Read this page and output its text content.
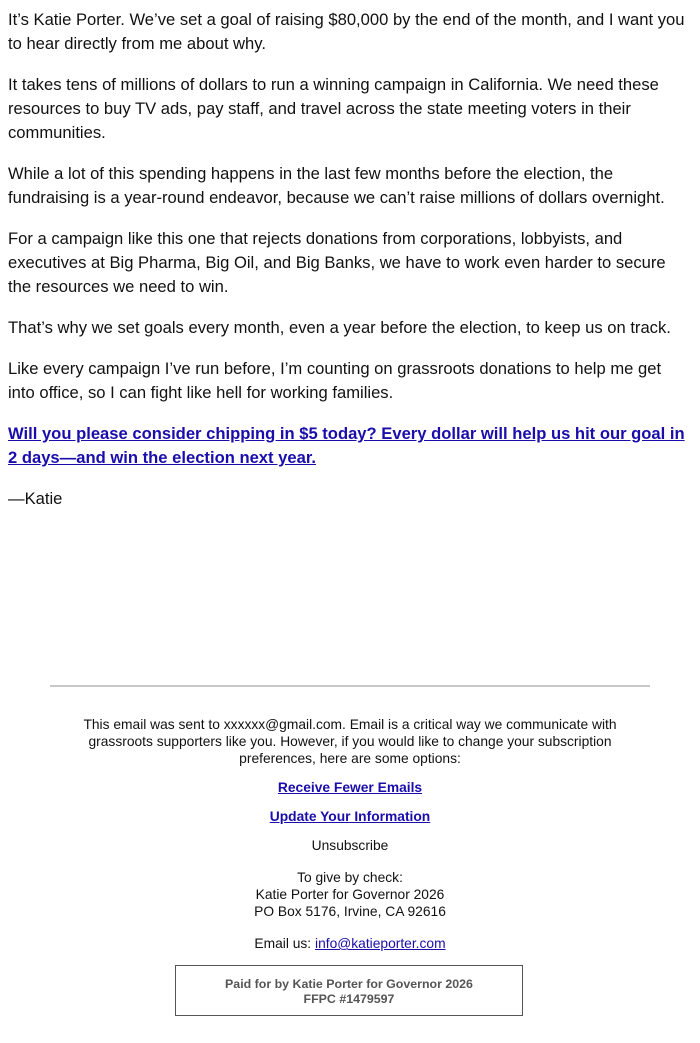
It’s Katie Porter. We’ve set a goal of raising $80,000 by the end of the month, and I want you to hear directly from me about why.

It takes tens of millions of dollars to run a winning campaign in California. We need these resources to buy TV ads, pay staff, and travel across the state meeting voters in their communities.

While a lot of this spending happens in the last few months before the election, the fundraising is a year-round endeavor, because we can’t raise millions of dollars overnight.

For a campaign like this one that rejects donations from corporations, lobbyists, and executives at Big Pharma, Big Oil, and Big Banks, we have to work even harder to secure the resources we need to win.

That’s why we set goals every month, even a year before the election, to keep us on track.

Like every campaign I’ve run before, I’m counting on grassroots donations to help me get into office, so I can fight like hell for working families.

Will you please consider chipping in $5 today? Every dollar will help us hit our goal in 2 days—and win the election next year.

—Katie

This email was sent to xxxxxx@gmail.com. Email is a critical way we communicate with grassroots supporters like you. However, if you would like to change your subscription preferences, here are some options:

Receive Fewer Emails
Update Your Information

Unsubscribe

To give by check:

Katie Porter for Governor 2026

PO Box 5176, Irvine, CA 92616

Email us: info@katieporter.com

Paid for by Katie Porter for Governor 2026
FFPC #1479597
